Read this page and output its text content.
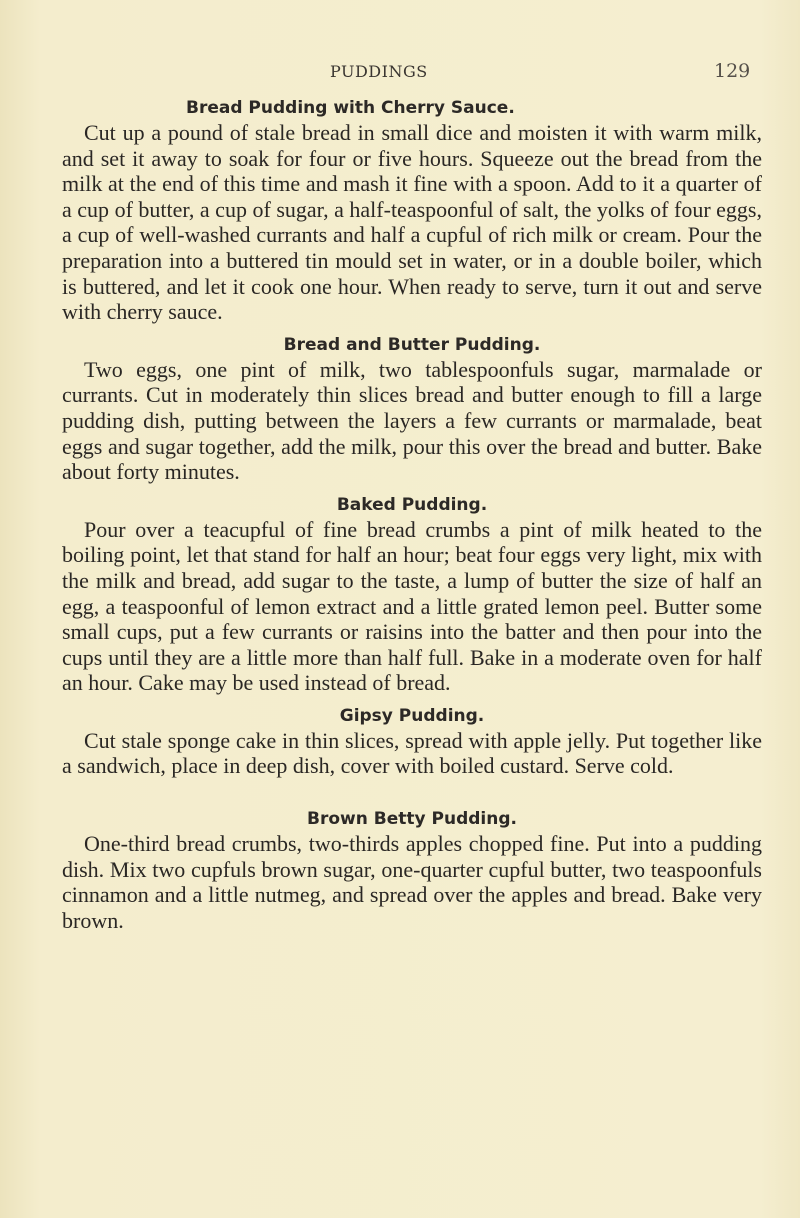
PUDDINGS	129
Bread Pudding with Cherry Sauce.

Cut up a pound of stale bread in small dice and moisten it with warm milk, and set it away to soak for four or five hours. Squeeze out the bread from the milk at the end of this time and mash it fine with a spoon. Add to it a quarter of a cup of butter, a cup of sugar, a half-teaspoonful of salt, the yolks of four eggs, a cup of well-washed currants and half a cupful of rich milk or cream. Pour the preparation into a buttered tin mould set in water, or in a double boiler, which is buttered, and let it cook one hour. When ready to serve, turn it out and serve with cherry sauce.

Bread and Butter Pudding.

Two eggs, one pint of milk, two tablespoonfuls sugar, marmalade or currants. Cut in moderately thin slices bread and butter enough to fill a large pudding dish, putting between the layers a few currants or marmalade, beat eggs and sugar together, add the milk, pour this over the bread and butter. Bake about forty minutes.

Baked Pudding.

Pour over a teacupful of fine bread crumbs a pint of milk heated to the boiling point, let that stand for half an hour; beat four eggs very light, mix with the milk and bread, add sugar to the taste, a lump of butter the size of half an egg, a teaspoonful of lemon extract and a little grated lemon peel. Butter some small cups, put a few currants or raisins into the batter and then pour into the cups until they are a little more than half full. Bake in a moderate oven for half an hour. Cake may be used instead of bread.

Gipsy Pudding.

Cut stale sponge cake in thin slices, spread with apple jelly. Put together like a sandwich, place in deep dish, cover with boiled custard. Serve cold.

Brown Betty Pudding.

One-third bread crumbs, two-thirds apples chopped fine. Put into a pudding dish. Mix two cupfuls brown sugar, one-quarter cupful butter, two teaspoonfuls cinnamon and a little nutmeg, and spread over the apples and bread. Bake very brown.
